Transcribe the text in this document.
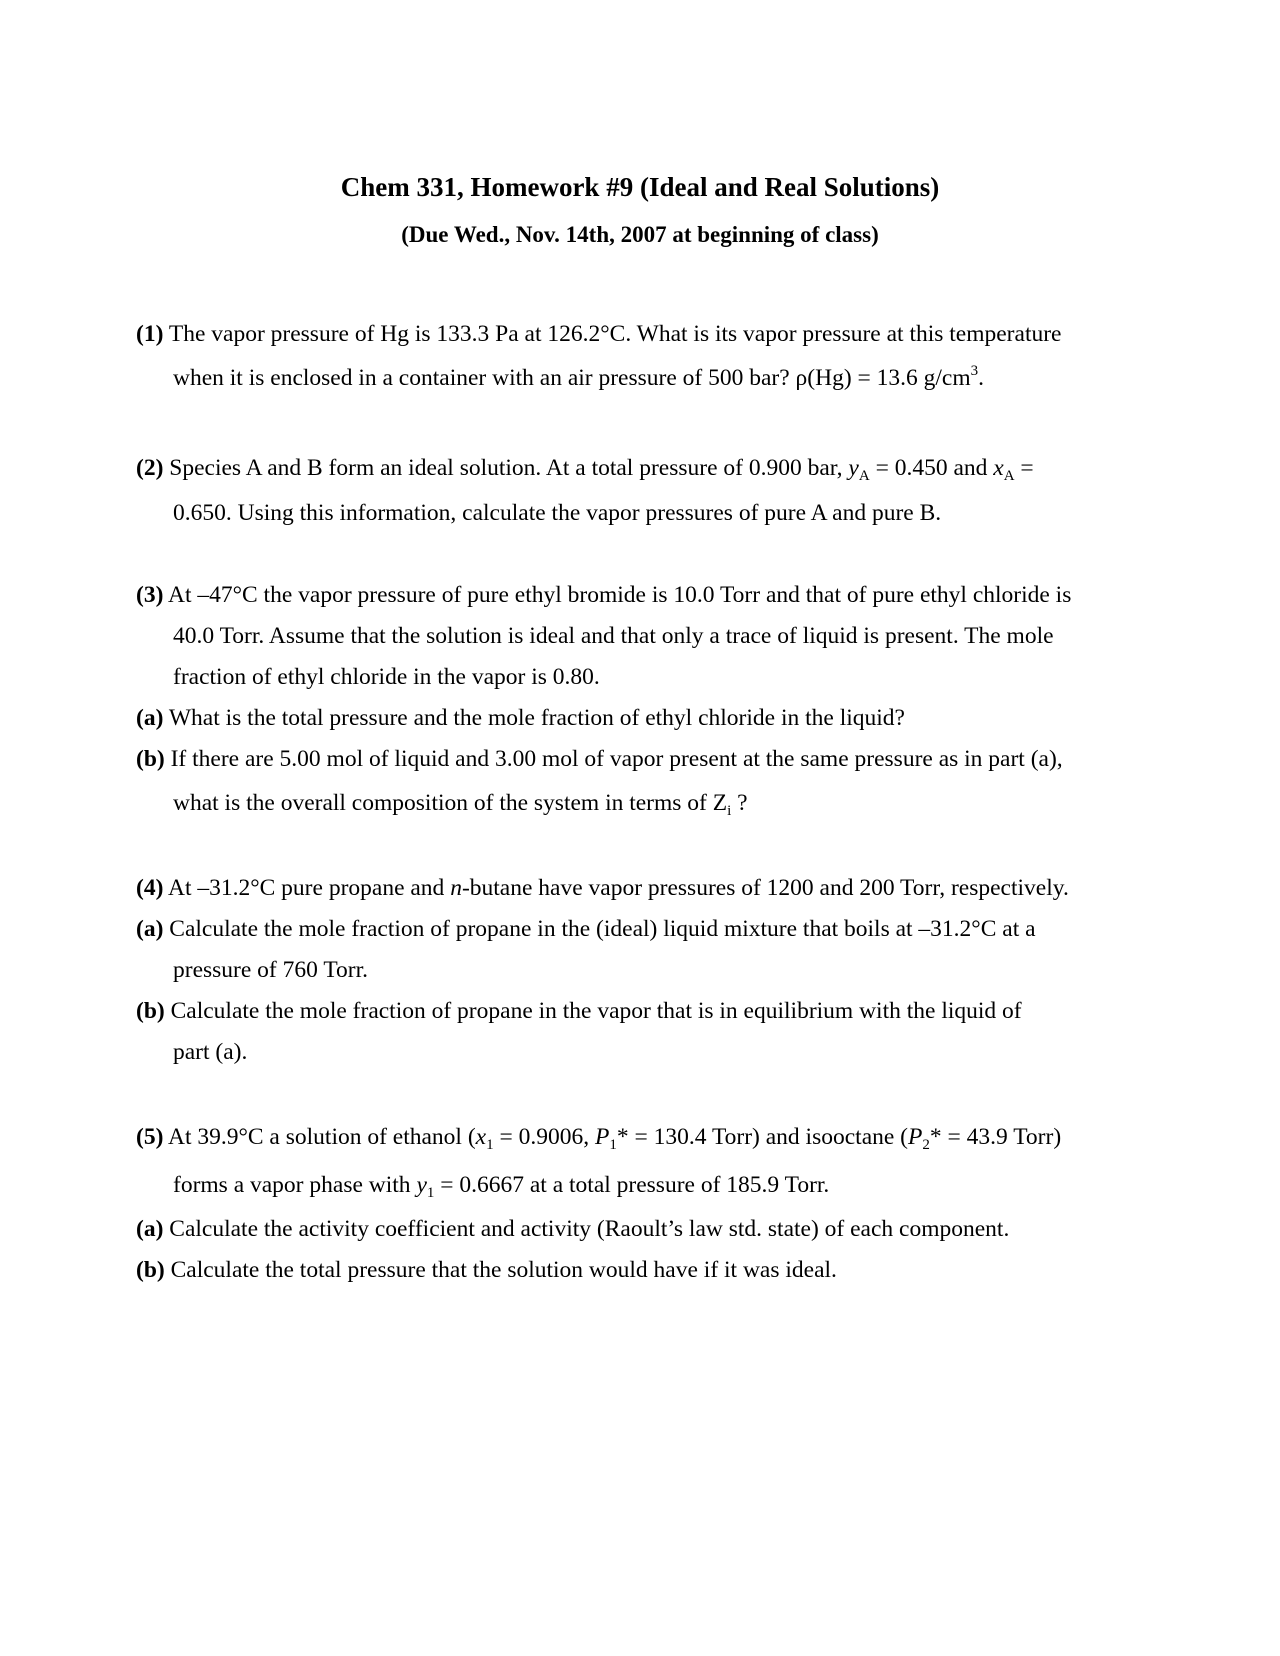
Chem 331, Homework #9 (Ideal and Real Solutions)
(Due Wed., Nov. 14th, 2007 at beginning of class)
(1) The vapor pressure of Hg is 133.3 Pa at 126.2°C. What is its vapor pressure at this temperature
when it is enclosed in a container with an air pressure of 500 bar? ρ(Hg) = 13.6 $g/cm^3$.
(2) Species A and B form an ideal solution. At a total pressure of 0.900 bar, $y_A = 0.450$ and $x_A$ =
0.650. Using this information, calculate the vapor pressures of pure A and pure B.
(3) At –47°C the vapor pressure of pure ethyl bromide is 10.0 Torr and that of pure ethyl chloride is
40.0 Torr. Assume that the solution is ideal and that only a trace of liquid is present. The mole
fraction of ethyl chloride in the vapor is 0.80.
(a) What is the total pressure and the mole fraction of ethyl chloride in the liquid?
(b) If there are 5.00 mol of liquid and 3.00 mol of vapor present at the same pressure as in part (a),
what is the overall composition of the system in terms of $Z_i$ ?
(4) At –31.2°C pure propane and n-butane have vapor pressures of 1200 and 200 Torr, respectively.
(a) Calculate the mole fraction of propane in the (ideal) liquid mixture that boils at –31.2°C at a
pressure of 760 Torr.
(b) Calculate the mole fraction of propane in the vapor that is in equilibrium with the liquid of
part (a).
(5) At 39.9°C a solution of ethanol ($x_1 = 0.9006$, $P_1* = 130.4$ Torr) and isooctane ($P_2* = 43.9$ Torr)
forms a vapor phase with $y_1 = 0.6667$ at a total pressure of 185.9 Torr.
(a) Calculate the activity coefficient and activity (Raoult’s law std. state) of each component.
(b) Calculate the total pressure that the solution would have if it was ideal.
